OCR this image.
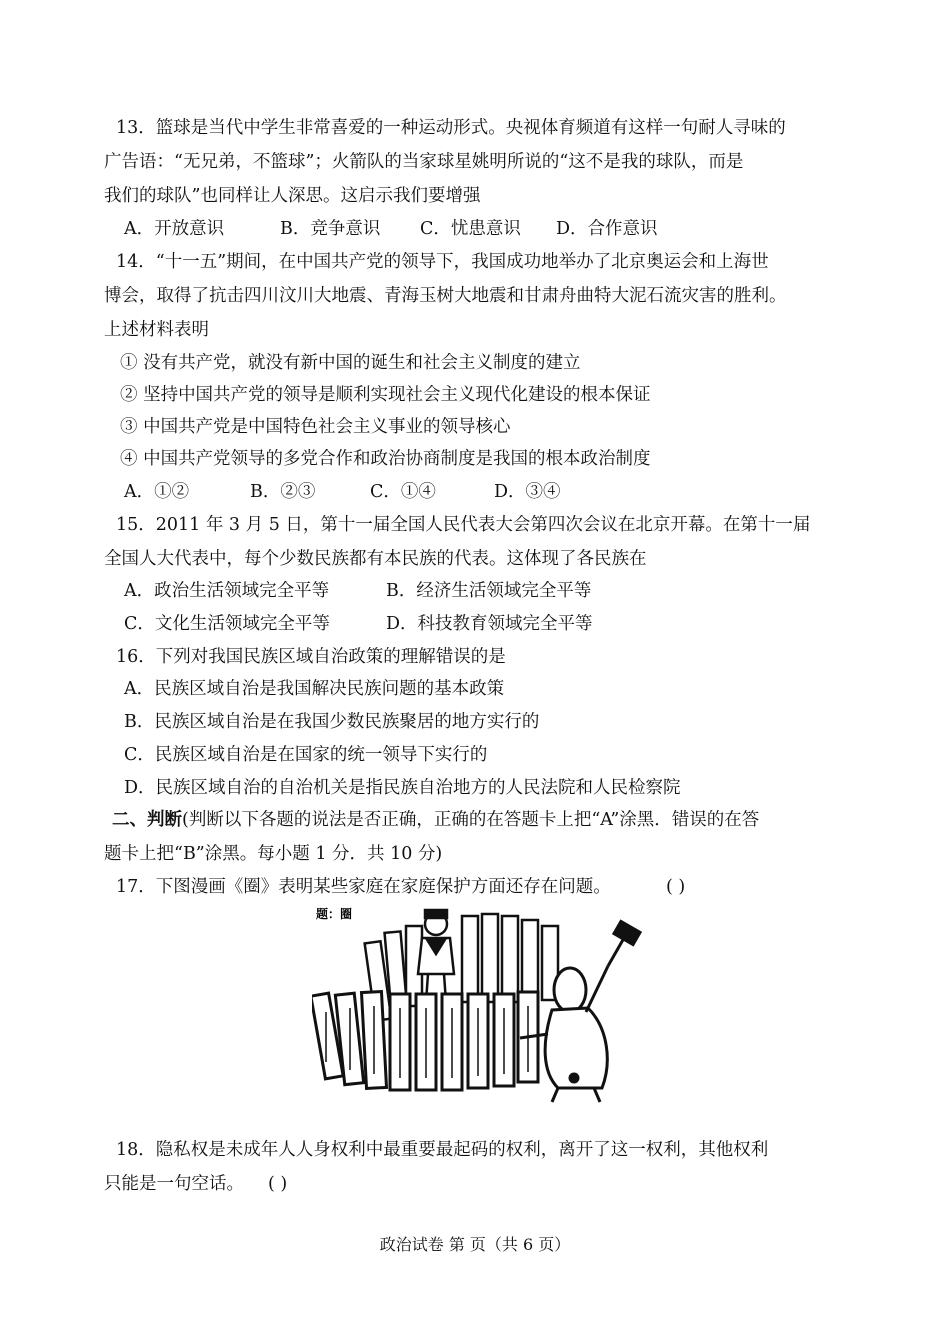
13．篮球是当代中学生非常喜爱的一种运动形式。央视体育频道有这样一句耐人寻味的
广告语：“无兄弟，不篮球”；火箭队的当家球星姚明所说的“这不是我的球队，而是
我们的球队”也同样让人深思。这启示我们要增强
A．开放意识	B．竞争意识 C．忧患意识 D．合作意识
14．“十一五”期间，在中国共产党的领导下，我国成功地举办了北京奥运会和上海世
博会，取得了抗击四川汶川大地震、青海玉树大地震和甘肃舟曲特大泥石流灾害的胜利。
上述材料表明
① 没有共产党，就没有新中国的诞生和社会主义制度的建立
② 坚持中国共产党的领导是顺利实现社会主义现代化建设的根本保证
③ 中国共产党是中国特色社会主义事业的领导核心
④ 中国共产党领导的多党合作和政治协商制度是我国的根本政治制度
A．①②	B．②③	C．①④	D．③④
15．2011 年 3 月 5 日，第十一届全国人民代表大会第四次会议在北京开幕。在第十一届
全国人大代表中，每个少数民族都有本民族的代表。这体现了各民族在
A．政治生活领域完全平等	B．经济生活领域完全平等
C．文化生活领域完全平等	D．科技教育领域完全平等
16．下列对我国民族区域自治政策的理解错误的是
A．民族区域自治是我国解决民族问题的基本政策
B．民族区域自治是在我国少数民族聚居的地方实行的
C．民族区域自治是在国家的统一领导下实行的
D．民族区域自治的自治机关是指民族自治地方的人民法院和人民检察院
二、判断(判断以下各题的说法是否正确，正确的在答题卡上把“A”涂黑．错误的在答
题卡上把“B”涂黑。每小题 1 分．共 10 分)
17．下图漫画《圈》表明某些家庭在家庭保护方面还存在问题。	( )
题：圈
18．隐私权是未成年人人身权利中最重要最起码的权利，离开了这一权利，其他权利
只能是一句空话。	( )
政治试卷 第 页（共 6 页）
